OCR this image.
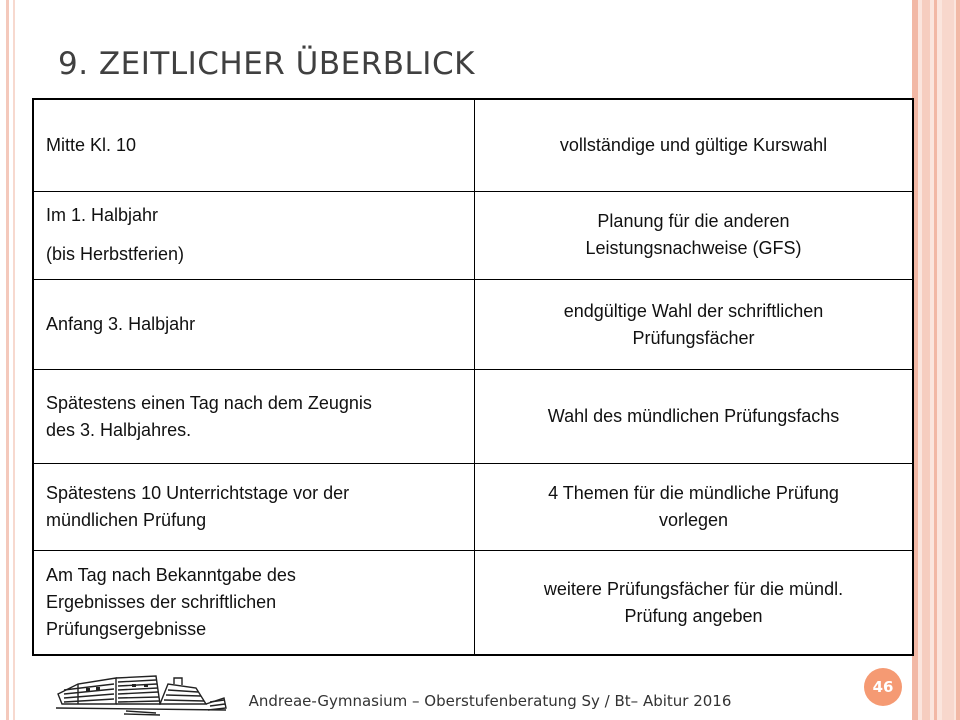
9. ZEITLICHER ÜBERBLICK
Mitte Kl. 10	vollständige und gültige Kurswahl

Im 1. Halbjahr
(bis Herbstferien)	Planung für die anderen
Leistungsnachweise (GFS)

Anfang 3. Halbjahr	endgültige Wahl der schriftlichen
Prüfungsfächer

Spätestens einen Tag nach dem Zeugnis
des 3. Halbjahres.	Wahl des mündlichen Prüfungsfachs

Spätestens 10 Unterrichtstage vor der
mündlichen Prüfung	4 Themen für die mündliche Prüfung
vorlegen

Am Tag nach Bekanntgabe des
Ergebnisses der schriftlichen
Prüfungsergebnisse	weitere Prüfungsfächer für die mündl.
Prüfung angeben
Andreae-Gymnasium – Oberstufenberatung Sy / Bt– Abitur 2016
46
